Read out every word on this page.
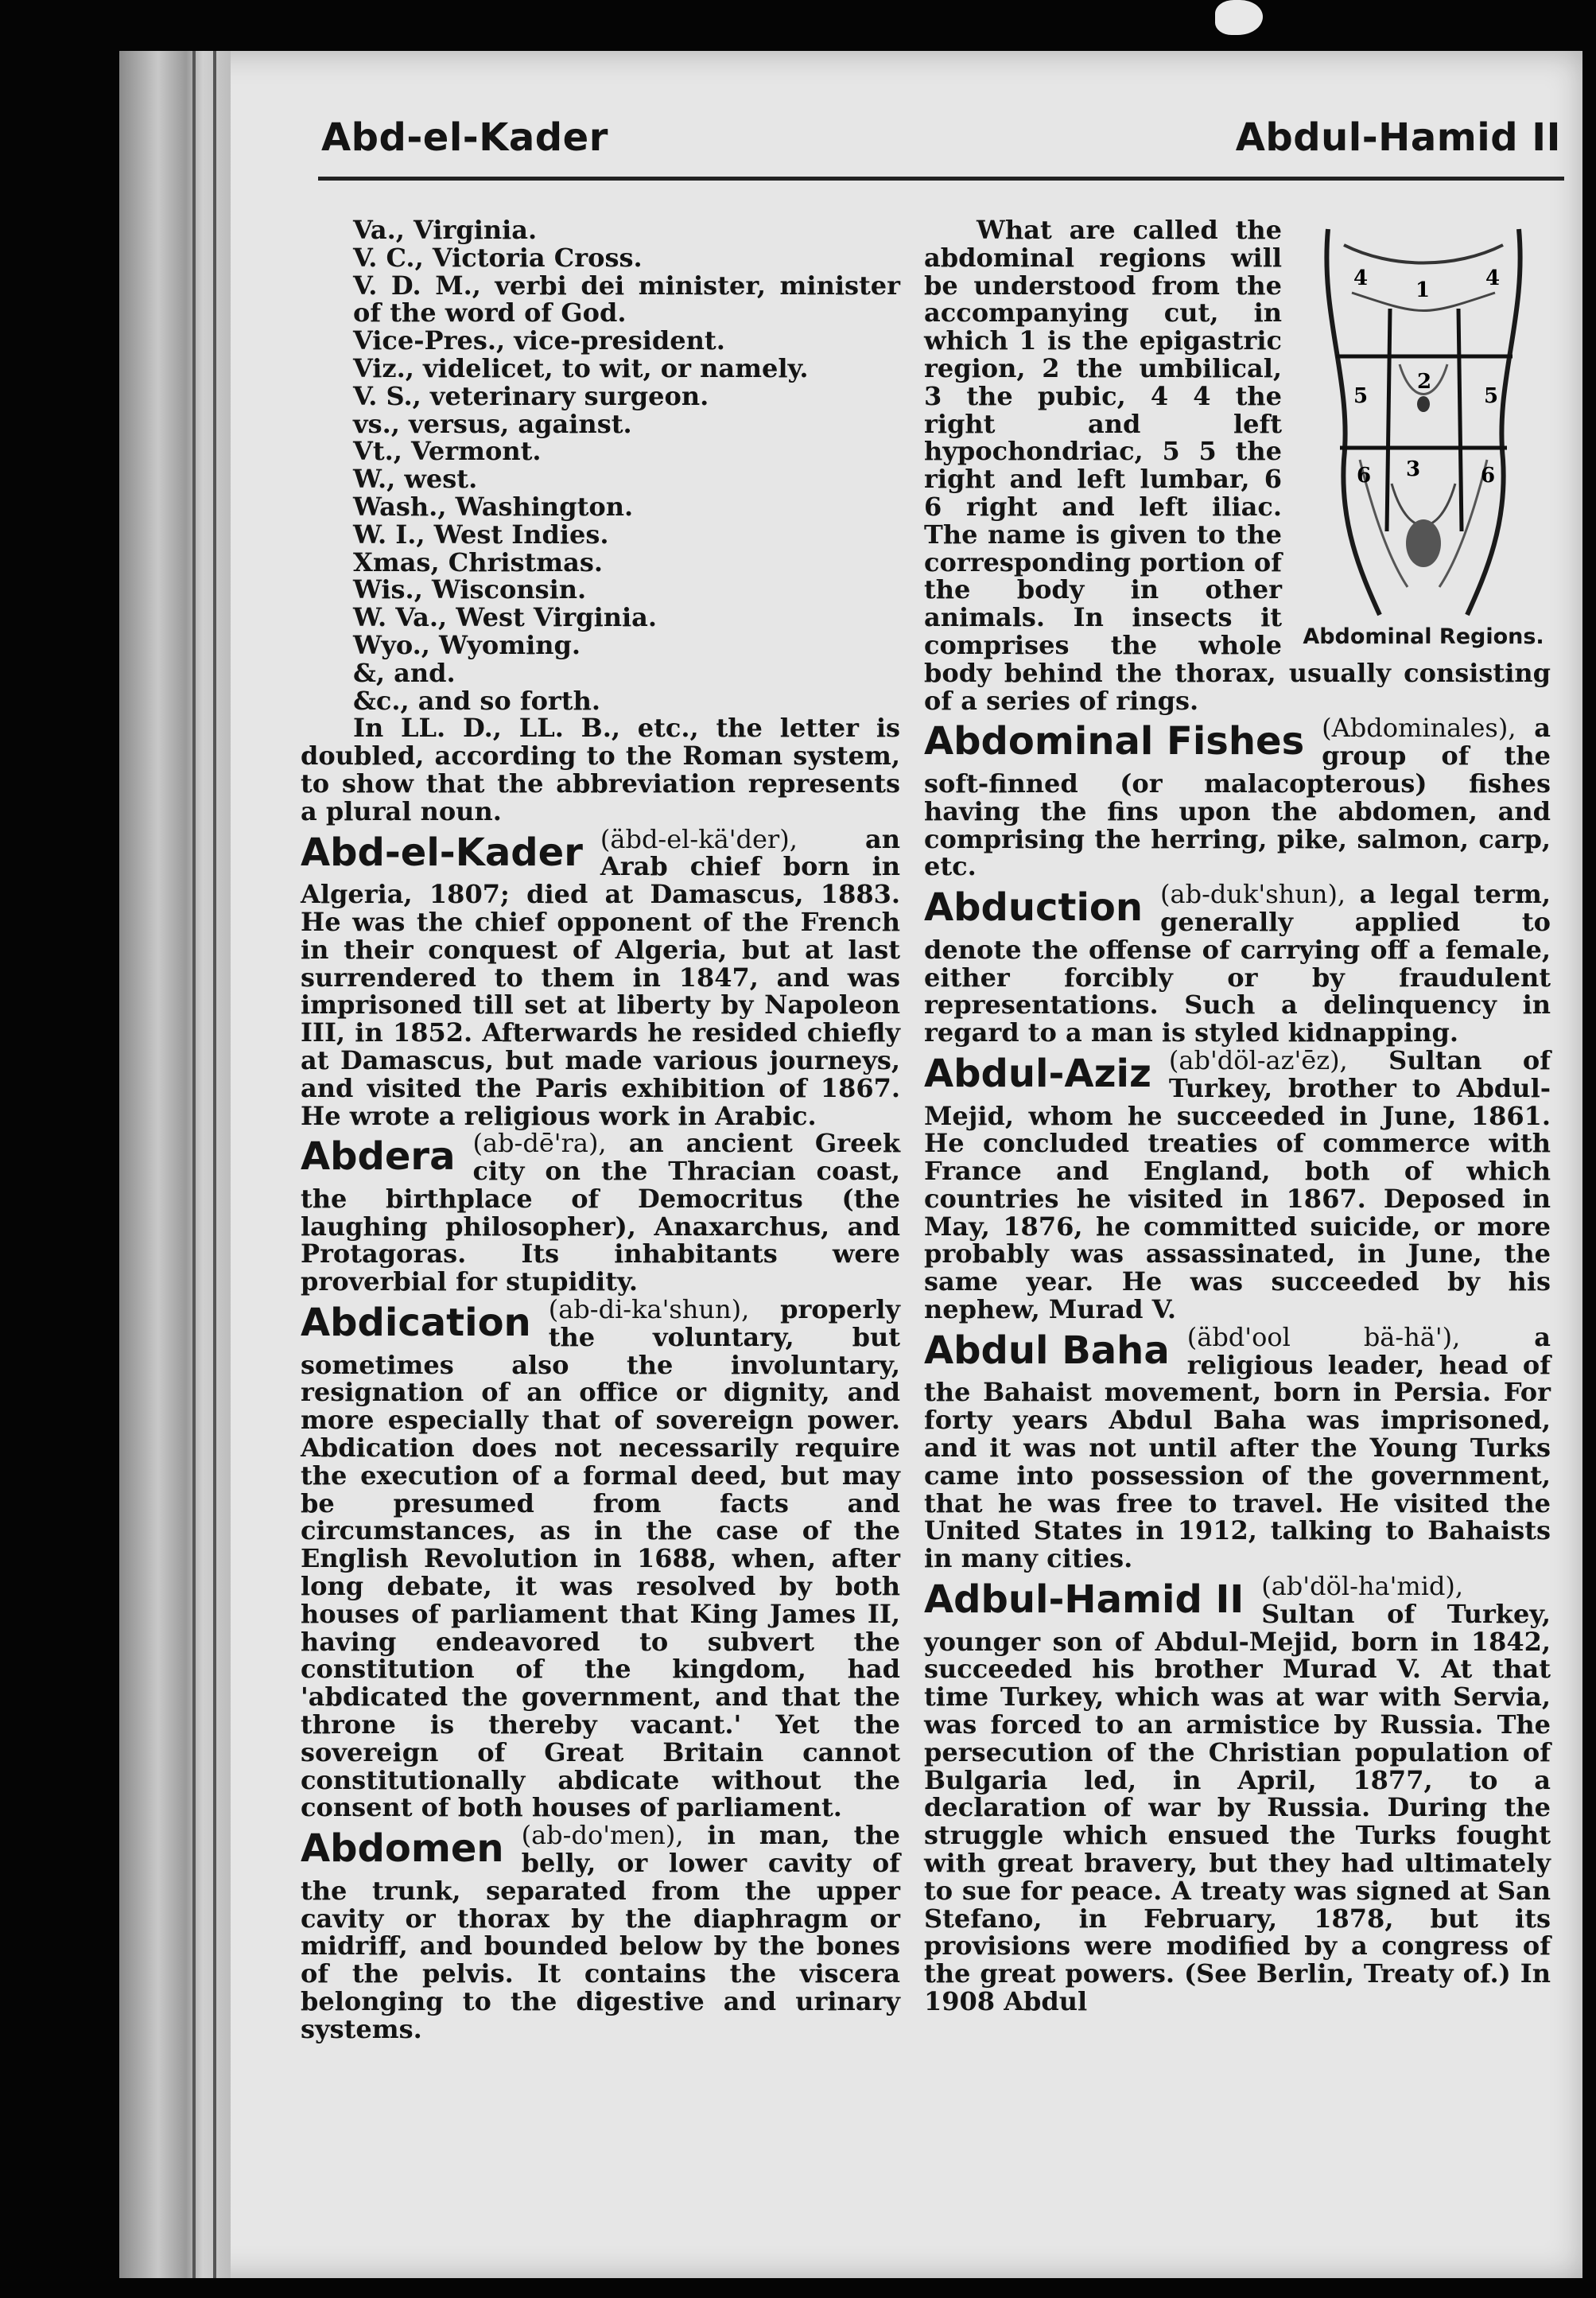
Abd-el-Kader	Abdul-Hamid II

Va., Virginia.

V. C., Victoria Cross.

V. D. M., verbi dei minister, minister of the word of God.

Vice-Pres., vice-president.

Viz., videlicet, to wit, or namely.

V. S., veterinary surgeon.

vs., versus, against.

Vt., Vermont.

W., west.

Wash., Washington.

W. I., West Indies.

Xmas, Christmas.

Wis., Wisconsin.

W. Va., West Virginia.

Wyo., Wyoming.

&, and.

&c., and so forth.

In LL. D., LL. B., etc., the letter is doubled, according to the Roman system, to show that the abbreviation represents a plural noun.

Abd-el-Kader (äbd-el-kä'der),	an Arab chief born in Algeria, 1807; died at Damascus, 1883. He was the chief opponent of the French in their conquest of Algeria, but at last surrendered to them in 1847, and was imprisoned till set at liberty by Napoleon III, in 1852. Afterwards he resided chiefly at Damascus, but made various journeys, and visited the Paris exhibition of 1867. He wrote a religious work in Arabic.
Abdera (ab-dē'ra), an ancient Greek city on the Thracian coast, the birthplace of Democritus (the laughing philosopher), Anaxarchus, and Protagoras. Its inhabitants were proverbial for stupidity.
Abdication (ab-di-ka'shun), properly the voluntary, but sometimes also the involuntary, resignation of an office or dignity, and more especially that of sovereign power. Abdication does not necessarily require the execution of a formal deed, but may be presumed from facts and circumstances, as in the case of the English Revolution in 1688, when, after long debate, it was resolved by both houses of parliament that King James II, having endeavored to subvert the constitution of the kingdom, had 'abdicated the government, and that the throne is thereby vacant.' Yet the sovereign of Great Britain cannot constitutionally abdicate without the consent of both houses of parliament.
Abdomen (ab-do'men), in man, the belly, or lower cavity of the trunk, separated from the upper cavity or thorax by the diaphragm or midriff, and bounded below by the bones of the pelvis. It contains the viscera belonging to the digestive and urinary systems.
4 1	4
5
2
5
6 3	6
Abdominal Regions.

What are called the abdominal regions will be understood from the accompanying cut, in which 1 is the epigastric region, 2 the umbilical, 3 the pubic, 4 4 the right and left hypochondriac, 5 5 the right and left lumbar, 6 6 right and left iliac. The name is given to the corresponding portion of the body in other animals. In insects it comprises the whole body behind the thorax, usually consisting of a series of rings.

Abdominal Fishes (Abdominales), a group of the soft-finned (or malacopterous) fishes having the fins upon the abdomen, and comprising the herring, pike, salmon, carp, etc.
Abduction (ab-duk'shun), a legal term, generally applied to denote the offense of carrying off a female, either forcibly or by fraudulent representations. Such a delinquency in regard to a man is styled kidnapping.
Abdul-Aziz (ab'döl-az'ēz), Sultan of Turkey, brother to Abdul-Mejid, whom he succeeded in June, 1861. He concluded treaties of commerce with France and England, both of which countries he visited in 1867. Deposed in May, 1876, he committed suicide, or more probably was assassinated, in June, the same year. He was succeeded by his nephew, Murad V.
Abdul Baha (äbd'ool bä-hä'),	a religious leader, head of the Bahaist movement, born in Persia. For forty years Abdul Baha was imprisoned, and it was not until after the Young Turks came into possession of the government, that he was free to travel. He visited the United States in 1912, talking to Bahaists in many cities.
Adbul-Hamid II (ab'döl-ha'mid), Sultan of Turkey, younger son of Abdul-Mejid, born in 1842, succeeded his brother Murad V. At that time Turkey, which was at war with Servia, was forced to an armistice by Russia. The persecution of the Christian population of Bulgaria led, in April, 1877, to a declaration of war by Russia. During the struggle which ensued the Turks fought with great bravery, but they had ultimately to sue for peace. A treaty was signed at San Stefano, in February, 1878, but its provisions were modified by a congress of the great powers. (See Berlin, Treaty of.) In 1908 Abdul
